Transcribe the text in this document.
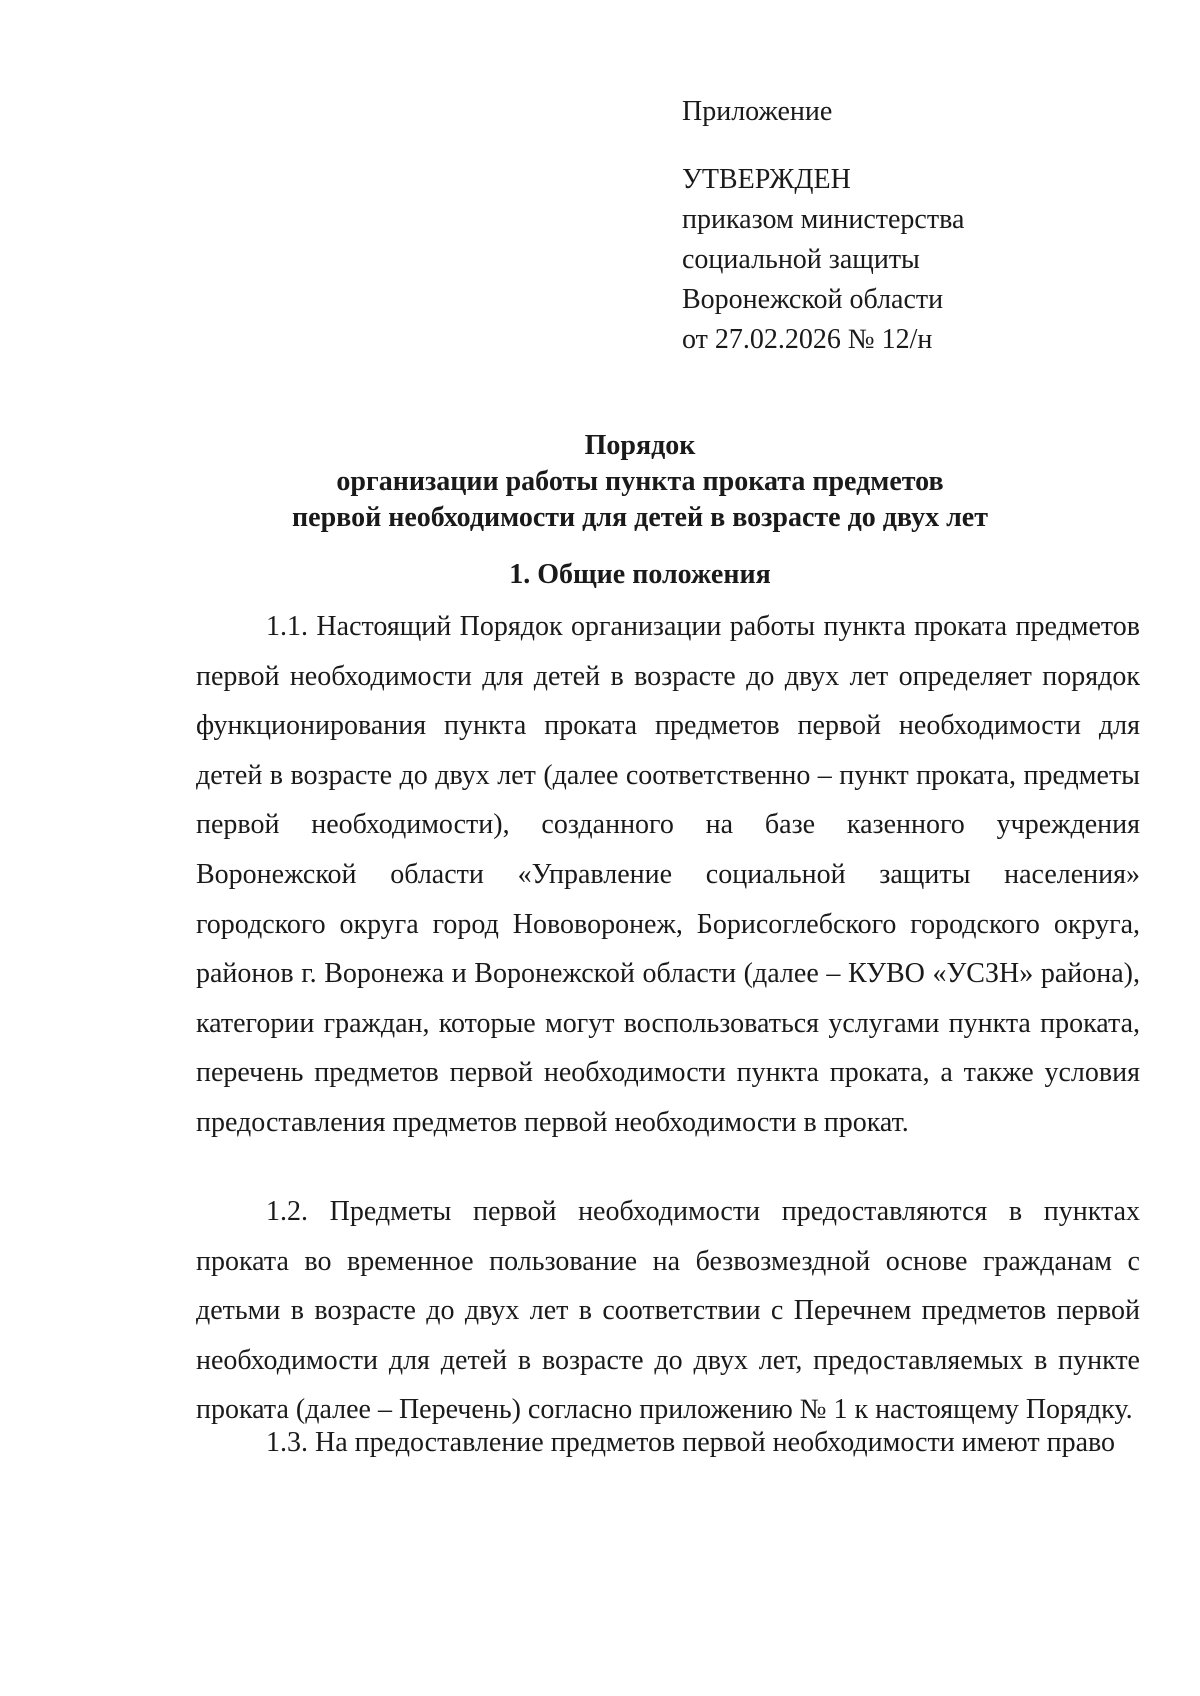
Приложение
УТВЕРЖДЕН
приказом министерства
социальной защиты
Воронежской области
от 27.02.2026 № 12/н
Порядок
организации работы пункта проката предметов
первой необходимости для детей в возрасте до двух лет
1. Общие положения

1.1. Настоящий Порядок организации работы пункта проката предметов первой необходимости для детей в возрасте до двух лет определяет порядок функционирования пункта проката предметов первой необходимости для детей в возрасте до двух лет (далее соответственно – пункт проката, предметы первой необходимости), созданного на базе казенного учреждения Воронежской области «Управление социальной защиты населения» городского округа город Нововоронеж, Борисоглебского городского округа, районов г. Воронежа и Воронежской области (далее – КУВО «УСЗН» района), категории граждан, которые могут воспользоваться услугами пункта проката, перечень предметов первой необходимости пункта проката, а также условия предоставления предметов первой необходимости в прокат.

1.2. Предметы первой необходимости предоставляются в пунктах проката во временное пользование на безвозмездной основе гражданам с детьми в возрасте до двух лет в соответствии с Перечнем предметов первой необходимости для детей в возрасте до двух лет, предоставляемых в пункте проката (далее – Перечень) согласно приложению № 1 к настоящему Порядку.

1.3. На предоставление предметов первой необходимости имеют право
